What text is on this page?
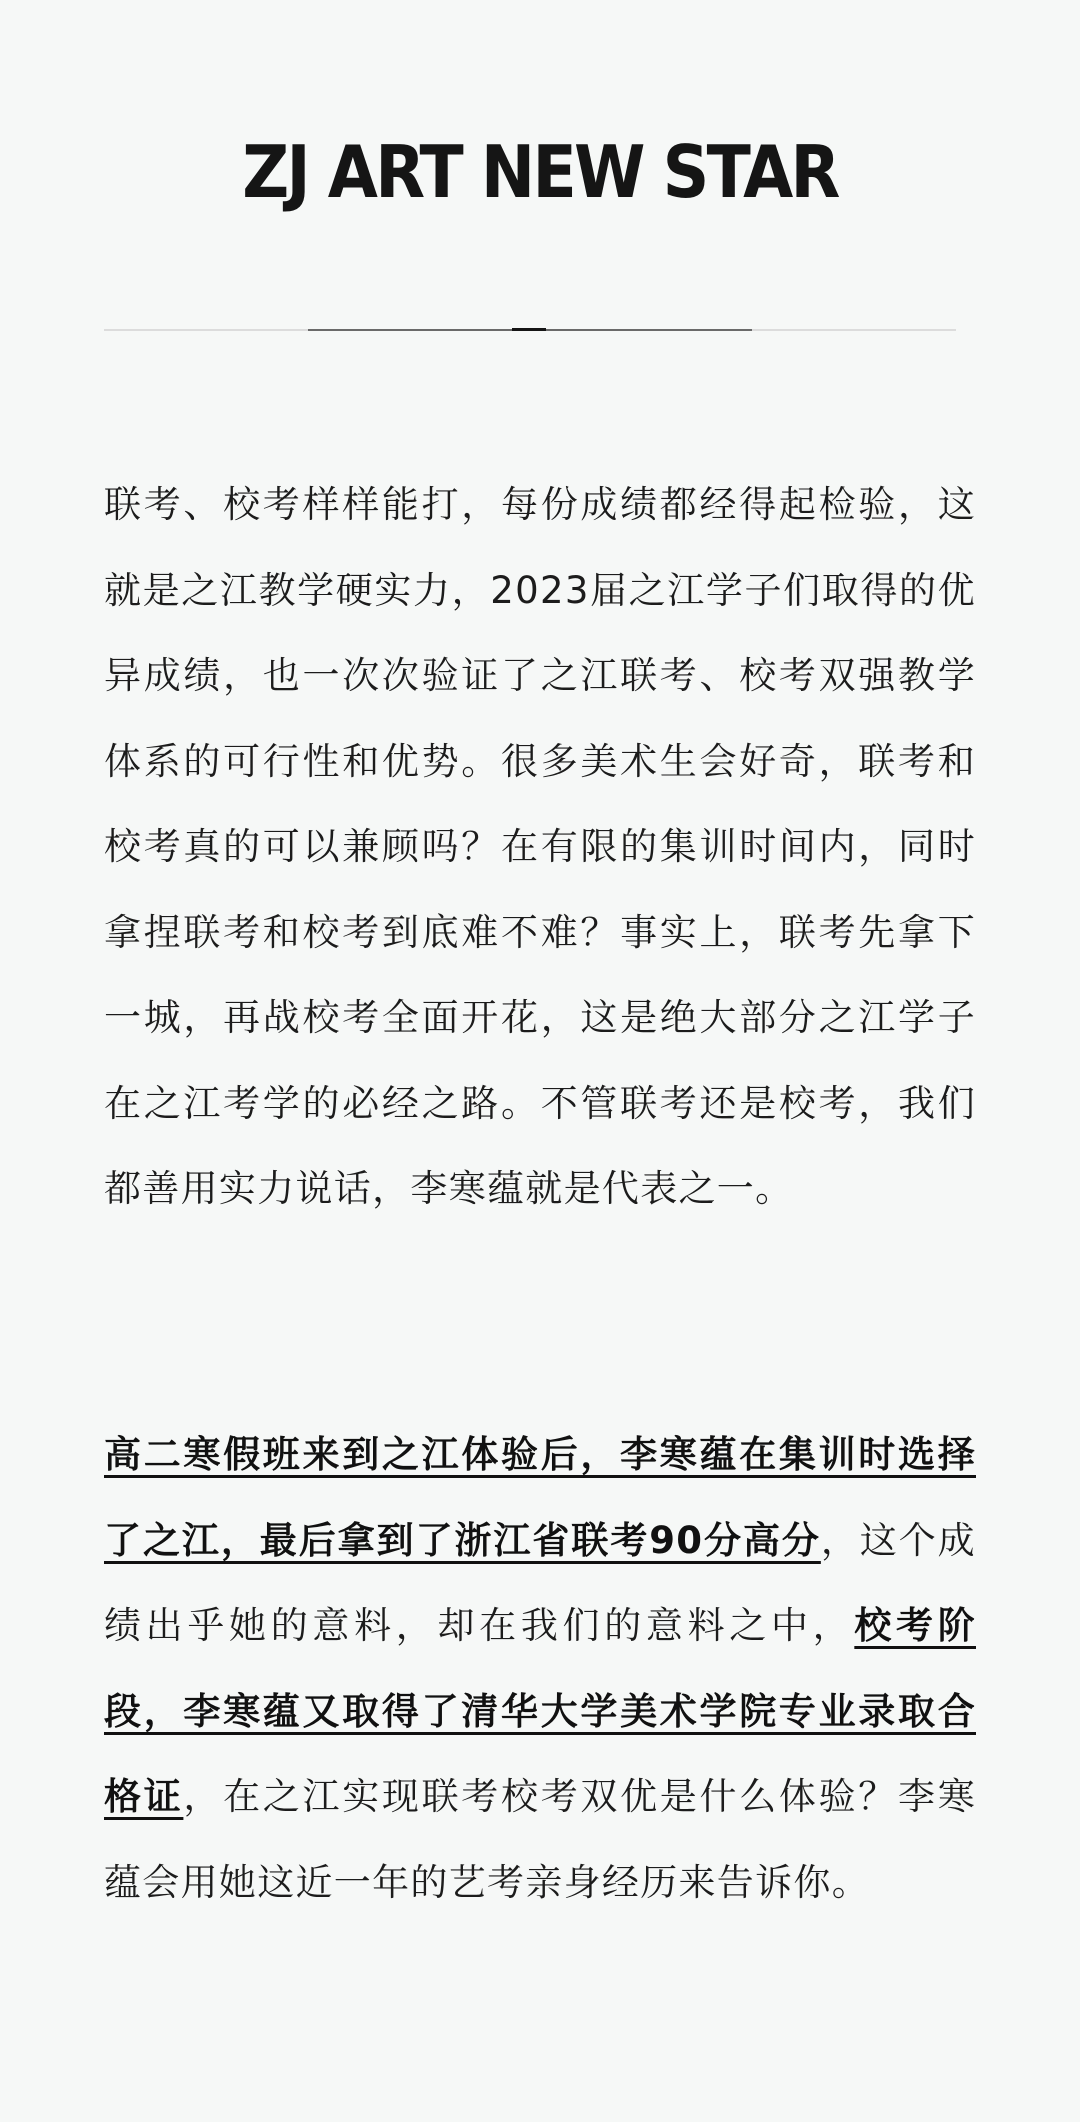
ZJ ART NEW STAR

联考、校考样样能打，每份成绩都经得起检验，这就是之江教学硬实力，2023届之江学子们取得的优异成绩，也一次次验证了之江联考、校考双强教学体系的可行性和优势。很多美术生会好奇，联考和校考真的可以兼顾吗？在有限的集训时间内，同时拿捏联考和校考到底难不难？事实上，联考先拿下一城，再战校考全面开花，这是绝大部分之江学子在之江考学的必经之路。不管联考还是校考，我们都善用实力说话，李寒蕴就是代表之一。

高二寒假班来到之江体验后，李寒蕴在集训时选择了之江，最后拿到了浙江省联考90分高分，这个成绩出乎她的意料，却在我们的意料之中，校考阶段，李寒蕴又取得了清华大学美术学院专业录取合格证，在之江实现联考校考双优是什么体验？李寒蕴会用她这近一年的艺考亲身经历来告诉你。
